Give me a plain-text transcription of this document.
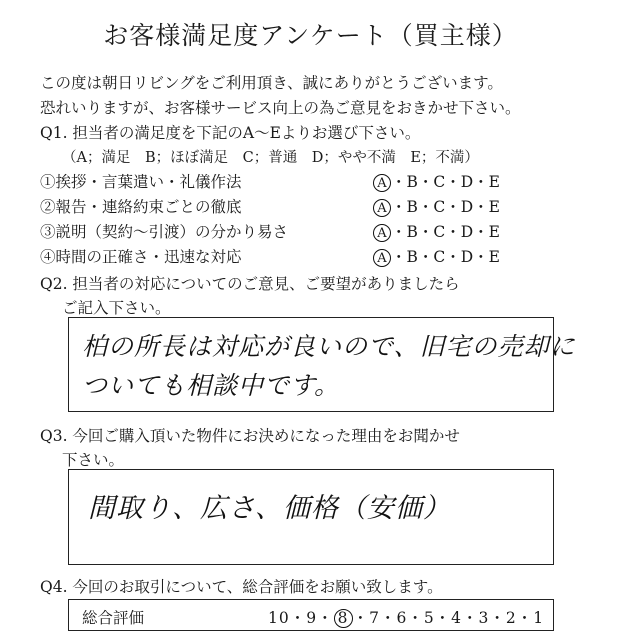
お客様満足度アンケート（買主様）
この度は朝日リビングをご利用頂き、誠にありがとうございます。
恐れいりますが、お客様サービス向上の為ご意見をおきかせ下さい。
Q1. 担当者の満足度を下記のA～Eよりお選び下さい。
（A；満足　B；ほぼ満足　C；普通　D；やや不満　E；不満）
①挨拶・言葉遣い・礼儀作法	A ・B・C・D・E
②報告・連絡約束ごとの徹底	A ・B・C・D・E
③説明（契約～引渡）の分かり易さ	A ・B・C・D・E
④時間の正確さ・迅速な対応	A ・B・C・D・E
Q2. 担当者の対応についてのご意見、ご要望がありましたら
ご記入下さい。
柏の所長は対応が良いので、旧宅の売却に
ついても相談中です。
Q3. 今回ご購入頂いた物件にお決めになった理由をお聞かせ
下さい。
間取り、広さ、価格（安価）
Q4. 今回のお取引について、総合評価をお願い致します。
総合評価	10・9・ 8 ・7・6・5・4・3・2・1
